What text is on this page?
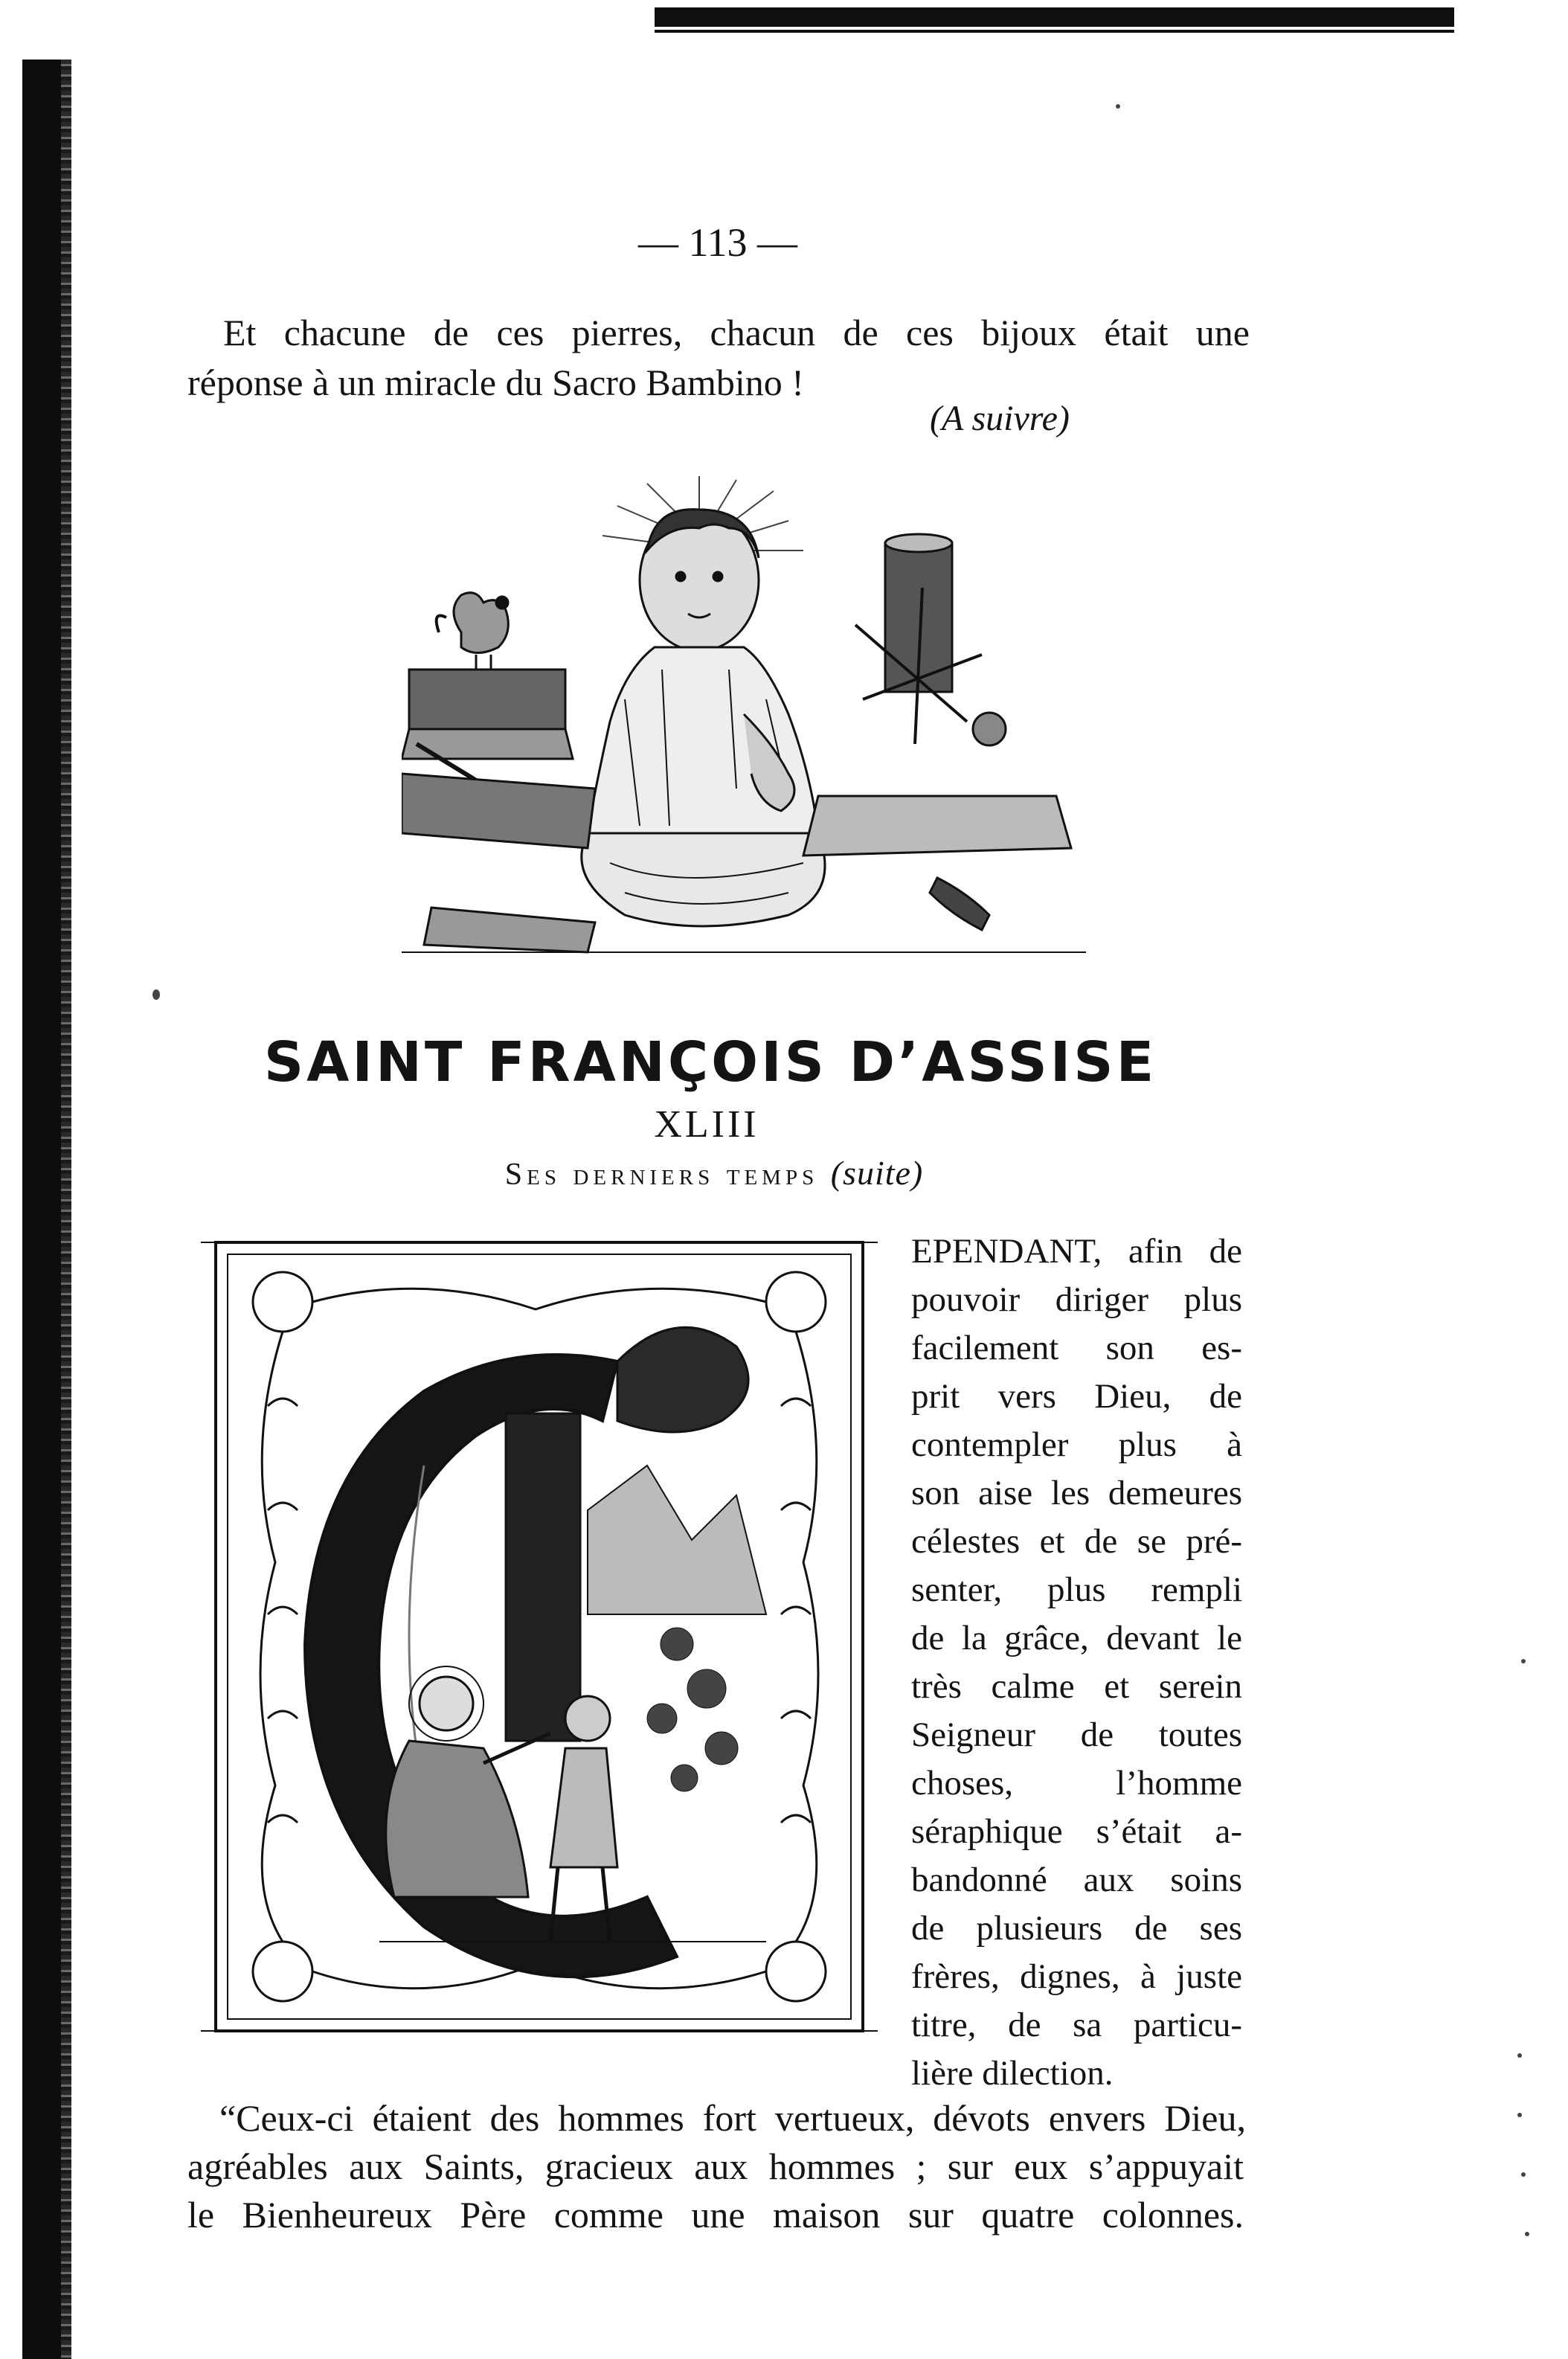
— 113 —
Et chacune de ces pierres, chacun de ces bijoux était une
réponse à un miracle du Sacro Bambino !
(A suivre)
SAINT FRANÇOIS D’ASSISE
XLIII
Ses derniers temps (suite)
EPENDANT, afin de
pouvoir diriger plus
facilement son es-
prit vers Dieu, de
contempler plus à
son aise les demeures
célestes et de se pré-
senter, plus rempli
de la grâce, devant le
très calme et serein
Seigneur de toutes
choses, l’homme
séraphique s’était a-
bandonné aux soins
de plusieurs de ses
frères, dignes, à juste
titre, de sa particu-
lière dilection.
“Ceux-ci étaient des hommes fort vertueux, dévots envers Dieu,
agréables aux Saints, gracieux aux hommes ; sur eux s’appuyait
le Bienheureux Père comme une maison sur quatre colonnes.
